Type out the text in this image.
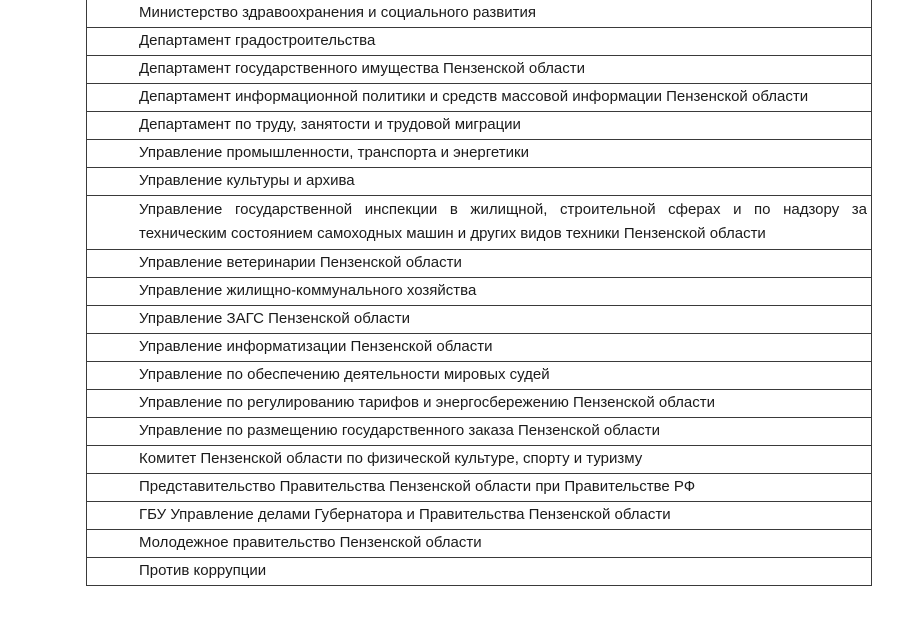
Министерство здравоохранения и социального развития
Департамент градостроительства
Департамент государственного имущества Пензенской области
Департамент информационной политики и средств массовой информации Пензенской области
Департамент по труду, занятости и трудовой миграции
Управление промышленности, транспорта и энергетики
Управление культуры и архива
Управление государственной инспекции в жилищной, строительной сферах и по надзору за техническим состоянием самоходных машин и других видов техники Пензенской области
Управление ветеринарии Пензенской области
Управление жилищно-коммунального хозяйства
Управление ЗАГС Пензенской области
Управление информатизации Пензенской области
Управление по обеспечению деятельности мировых судей
Управление по регулированию тарифов и энергосбережению Пензенской области
Управление по размещению государственного заказа Пензенской области
Комитет Пензенской области по физической культуре, спорту и туризму
Представительство Правительства Пензенской области при Правительстве РФ
ГБУ Управление делами Губернатора и Правительства Пензенской области
Молодежное правительство Пензенской области
Против коррупции
